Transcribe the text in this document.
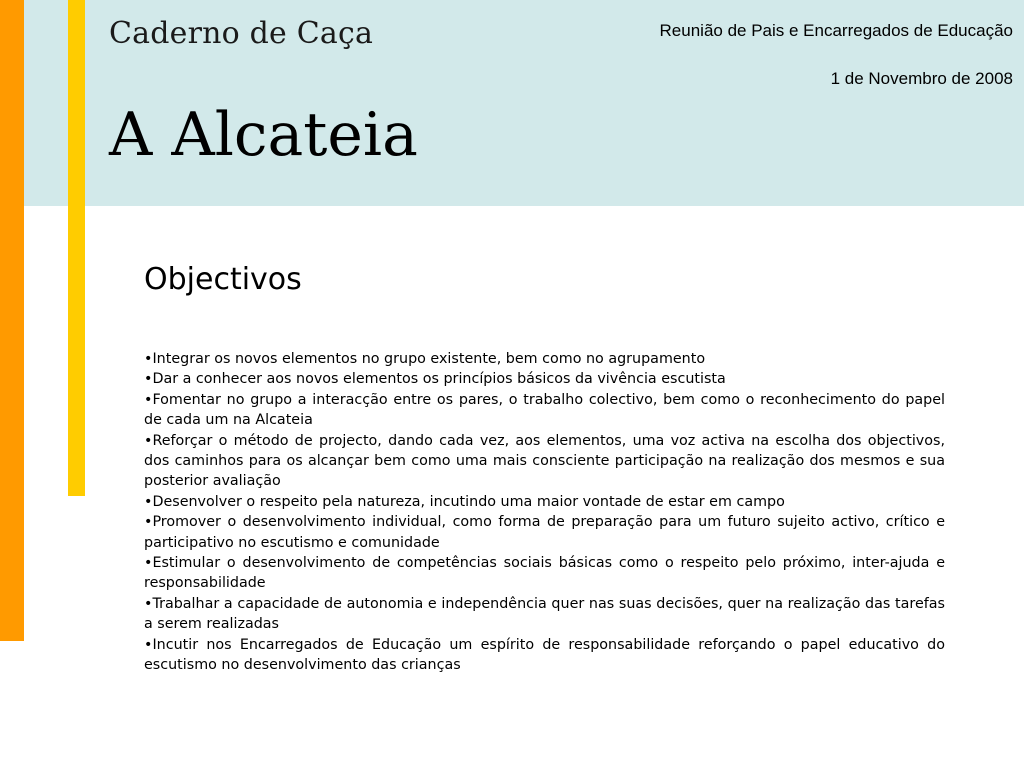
Caderno de Caça
A Alcateia
Reunião de Pais e Encarregados de Educação
1 de Novembro de 2008
Objectivos
• Integrar os novos elementos no grupo existente, bem como no agrupamento
• Dar a conhecer aos novos elementos os princípios básicos da vivência escutista
• Fomentar no grupo a interacção entre os pares, o trabalho colectivo, bem como o reconhecimento do papel de cada um na Alcateia
• Reforçar o método de projecto, dando cada vez, aos elementos, uma voz activa na escolha dos objectivos, dos caminhos para os alcançar bem como uma mais consciente participação na realização dos mesmos e sua posterior avaliação
• Desenvolver o respeito pela natureza, incutindo uma maior vontade de estar em campo
• Promover o desenvolvimento individual, como forma de preparação para um futuro sujeito activo, crítico e participativo no escutismo e comunidade
• Estimular o desenvolvimento de competências sociais básicas como o respeito pelo próximo, inter-ajuda e responsabilidade
• Trabalhar a capacidade de autonomia e independência quer nas suas decisões, quer na realização das tarefas a serem realizadas
• Incutir nos Encarregados de Educação um espírito de responsabilidade reforçando o papel educativo do escutismo no desenvolvimento das crianças
